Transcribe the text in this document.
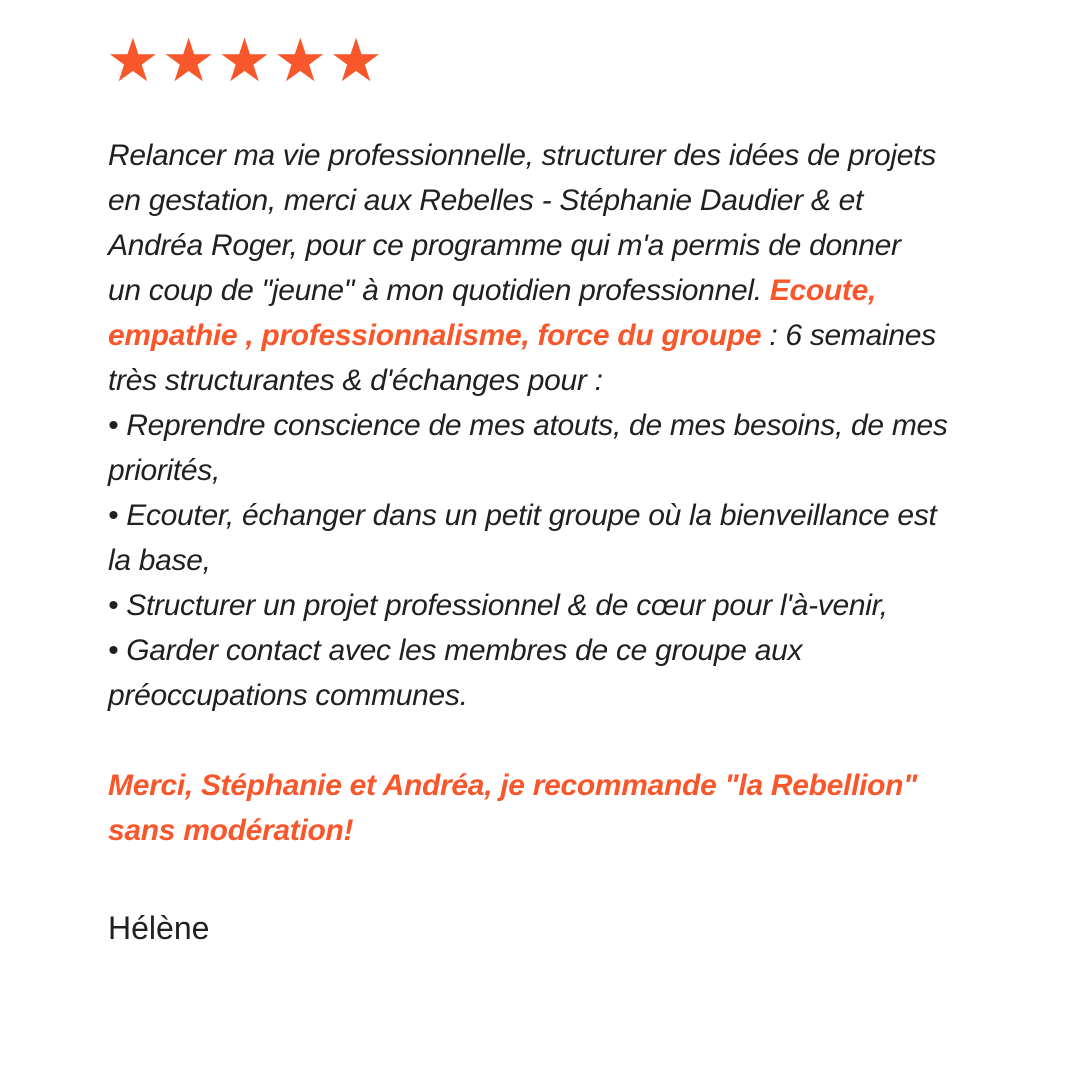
★★★★★
Relancer ma vie professionnelle, structurer des idées de projets
en gestation, merci aux Rebelles - Stéphanie Daudier & et
Andréa Roger, pour ce programme qui m'a permis de donner
un coup de "jeune" à mon quotidien professionnel. Ecoute,
empathie , professionnalisme, force du groupe : 6 semaines
très structurantes & d'échanges pour :
• Reprendre conscience de mes atouts, de mes besoins, de mes
priorités,
• Ecouter, échanger dans un petit groupe où la bienveillance est
la base,
• Structurer un projet professionnel & de cœur pour l'à-venir,
• Garder contact avec les membres de ce groupe aux
préoccupations communes.

Merci, Stéphanie et Andréa, je recommande "la Rebellion"
sans modération!
Hélène
